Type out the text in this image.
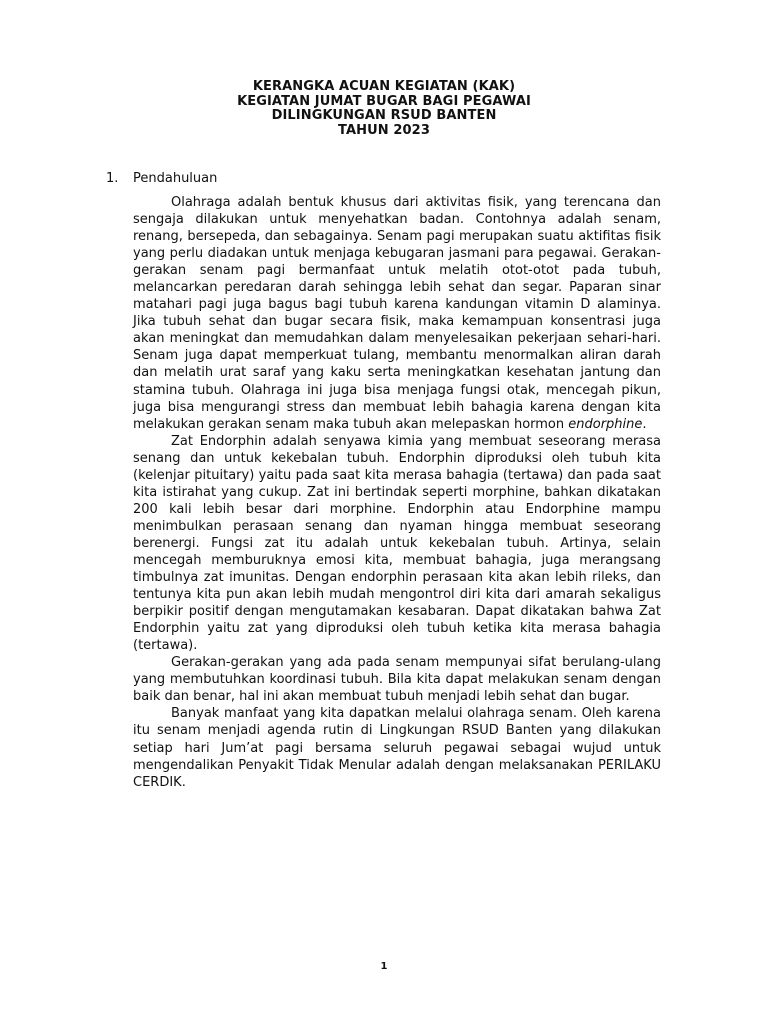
KERANGKA ACUAN KEGIATAN (KAK)
KEGIATAN JUMAT BUGAR BAGI PEGAWAI
DILINGKUNGAN RSUD BANTEN
TAHUN 2023
1. Pendahuluan

Olahraga adalah bentuk khusus dari aktivitas fisik, yang terencana dan sengaja dilakukan untuk menyehatkan badan. Contohnya adalah senam, renang, bersepeda, dan sebagainya. Senam pagi merupakan suatu aktifitas fisik yang perlu diadakan untuk menjaga kebugaran jasmani para pegawai. Gerakan-gerakan senam pagi bermanfaat untuk melatih otot-otot pada tubuh, melancarkan peredaran darah sehingga lebih sehat dan segar. Paparan sinar matahari pagi juga bagus bagi tubuh karena kandungan vitamin D alaminya. Jika tubuh sehat dan bugar secara fisik, maka kemampuan konsentrasi juga akan meningkat dan memudahkan dalam menyelesaikan pekerjaan sehari-hari. Senam juga dapat memperkuat tulang, membantu menormalkan aliran darah dan melatih urat saraf yang kaku serta meningkatkan kesehatan jantung dan stamina tubuh. Olahraga ini juga bisa menjaga fungsi otak, mencegah pikun, juga bisa mengurangi stress dan membuat lebih bahagia karena dengan kita melakukan gerakan senam maka tubuh akan melepaskan hormon endorphine.

Zat Endorphin adalah senyawa kimia yang membuat seseorang merasa senang dan untuk kekebalan tubuh. Endorphin diproduksi oleh tubuh kita (kelenjar pituitary) yaitu pada saat kita merasa bahagia (tertawa) dan pada saat kita istirahat yang cukup. Zat ini bertindak seperti morphine, bahkan dikatakan 200 kali lebih besar dari morphine. Endorphin atau Endorphine mampu menimbulkan perasaan senang dan nyaman hingga membuat seseorang berenergi. Fungsi zat itu adalah untuk kekebalan tubuh. Artinya, selain mencegah memburuknya emosi kita, membuat bahagia, juga merangsang timbulnya zat imunitas. Dengan endorphin perasaan kita akan lebih rileks, dan tentunya kita pun akan lebih mudah mengontrol diri kita dari amarah sekaligus berpikir positif dengan mengutamakan kesabaran. Dapat dikatakan bahwa Zat Endorphin yaitu zat yang diproduksi oleh tubuh ketika kita merasa bahagia (tertawa).

Gerakan-gerakan yang ada pada senam mempunyai sifat berulang-ulang yang membutuhkan koordinasi tubuh. Bila kita dapat melakukan senam dengan baik dan benar, hal ini akan membuat tubuh menjadi lebih sehat dan bugar.

Banyak manfaat yang kita dapatkan melalui olahraga senam. Oleh karena itu senam menjadi agenda rutin di Lingkungan RSUD Banten yang dilakukan setiap hari Jum’at pagi bersama seluruh pegawai sebagai wujud untuk mengendalikan Penyakit Tidak Menular adalah dengan melaksanakan PERILAKU CERDIK.

1
